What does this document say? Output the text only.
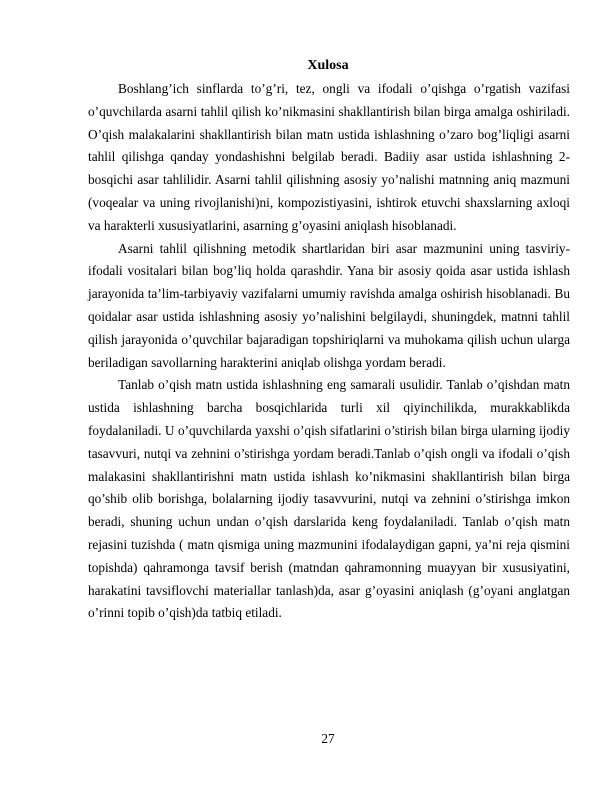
Xulosa

Boshlang’ich sinflarda to’g’ri, tez, ongli va ifodali o’qishga o’rgatish vazifasi o’quvchilarda asarni tahlil qilish ko’nikmasini shakllantirish bilan birga amalga oshiriladi. O’qish malakalarini shakllantirish bilan matn ustida ishlashning o’zaro bog’liqligi asarni tahlil qilishga qanday yondashishni belgilab beradi. Badiiy asar ustida ishlashning 2-bosqichi asar tahlilidir. Asarni tahlil qilishning asosiy yo’nalishi matnning aniq mazmuni (voqealar va uning rivojlanishi)ni, kompozistiyasini, ishtirok etuvchi shaxslarning axloqi va harakterli xususiyatlarini, asarning g’oyasini aniqlash hisoblanadi.

Asarni tahlil qilishning metodik shartlaridan biri asar mazmunini uning tasviriy-ifodali vositalari bilan bog’liq holda qarashdir. Yana bir asosiy qoida asar ustida ishlash jarayonida ta’lim-tarbiyaviy vazifalarni umumiy ravishda amalga oshirish hisoblanadi. Bu qoidalar asar ustida ishlashning asosiy yo’nalishini belgilaydi, shuningdek, matnni tahlil qilish jarayonida o’quvchilar bajaradigan topshiriqlarni va muhokama qilish uchun ularga beriladigan savollarning harakterini aniqlab olishga yordam beradi.

Tanlab o’qish matn ustida ishlashning eng samarali usulidir. Tanlab o’qishdan matn ustida ishlashning barcha bosqichlarida turli xil qiyinchilikda, murakkablikda foydalaniladi. U o’quvchilarda yaxshi o’qish sifatlarini o’stirish bilan birga ularning ijodiy tasavvuri, nutqi va zehnini o’stirishga yordam beradi.Tanlab o’qish ongli va ifodali o’qish malakasini shakllantirishni matn ustida ishlash ko’nikmasini shakllantirish bilan birga qo’shib olib borishga, bolalarning ijodiy tasavvurini, nutqi va zehnini o’stirishga imkon beradi, shuning uchun undan o’qish darslarida keng foydalaniladi. Tanlab o’qish matn rejasini tuzishda ( matn qismiga uning mazmunini ifodalaydigan gapni, ya’ni reja qismini topishda) qahramonga tavsif berish (matndan qahramonning muayyan bir xususiyatini, harakatini tavsiflovchi materiallar tanlash)da, asar g’oyasini aniqlash (g’oyani anglatgan o’rinni topib o’qish)da tatbiq etiladi.

27
